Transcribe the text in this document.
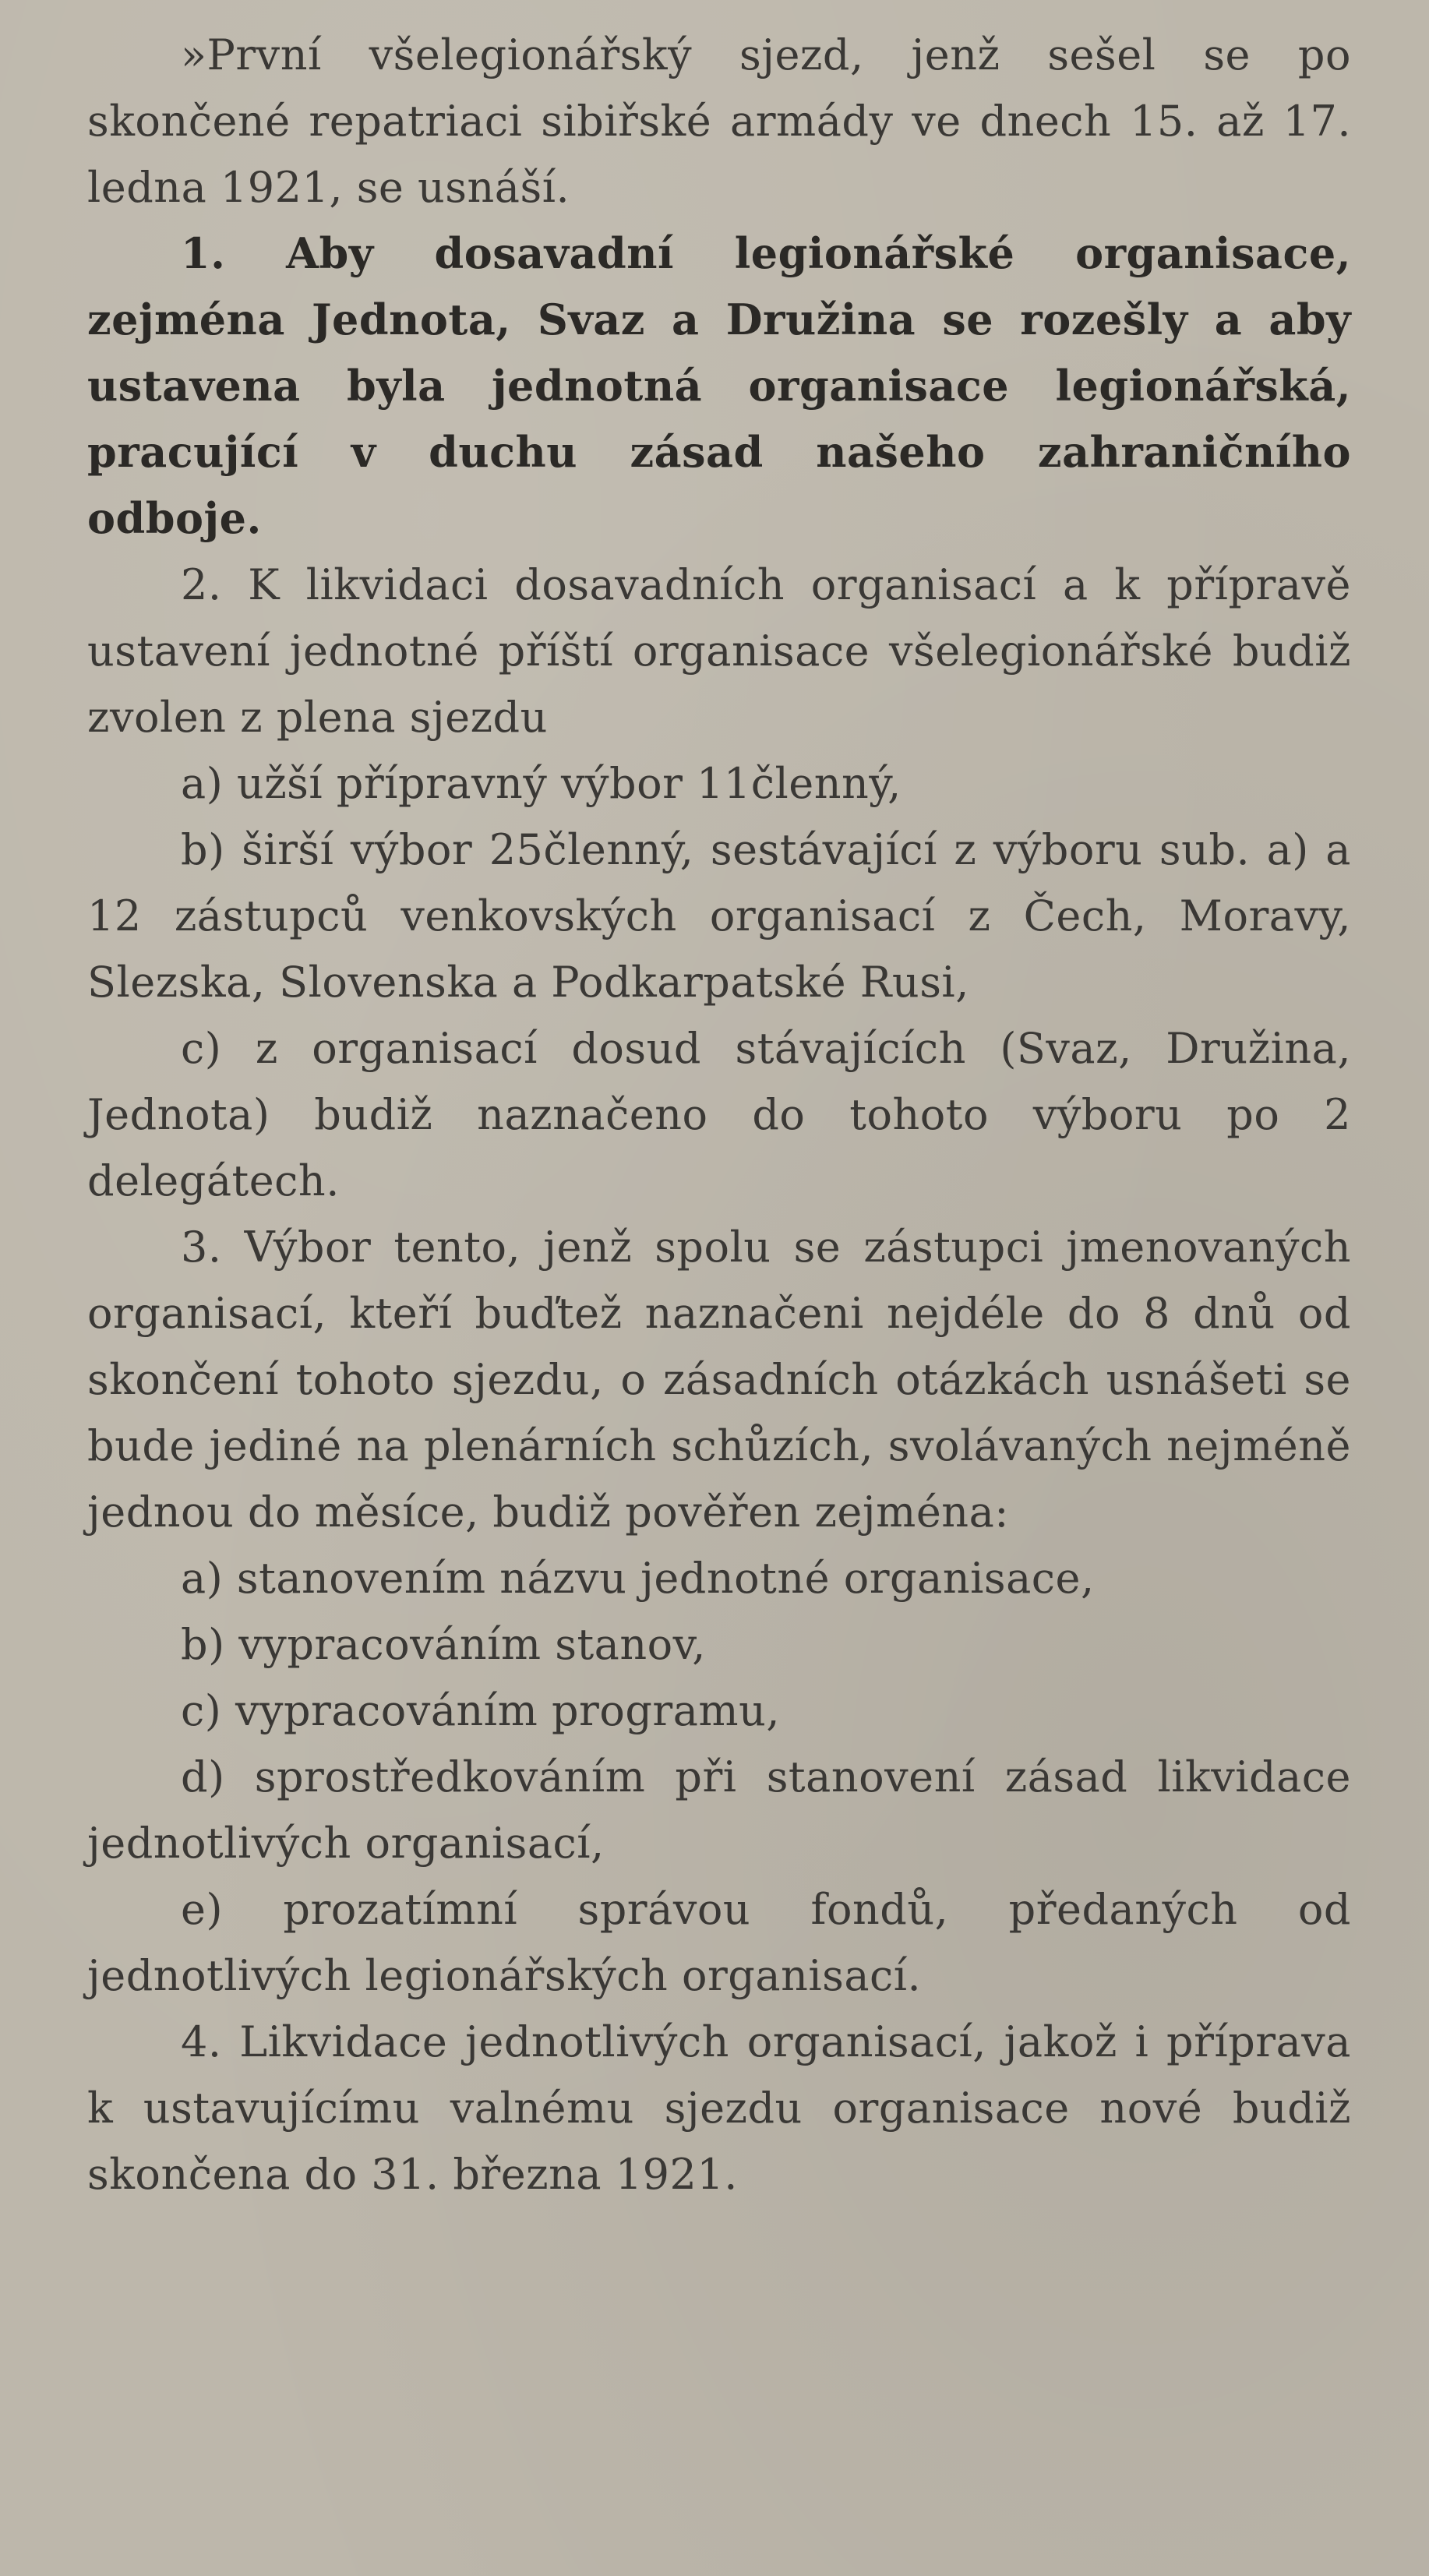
»První všelegionářský sjezd, jenž sešel se po skončené repatriaci sibiřské armády ve dnech 15. až 17. ledna 1921, se usnáší.

1. Aby dosavadní legionářské organisace, zejména Jednota, Svaz a Družina se rozešly a aby ustavena byla jednotná organisace legionářská, pracující v duchu zásad našeho zahraničního odboje.

2. K likvidaci dosavadních organisací a k přípravě ustavení jednotné příští organisace všelegionářské budiž zvolen z plena sjezdu

a) užší přípravný výbor 11členný,

b) širší výbor 25členný, sestávající z výboru sub. a) a 12 zástupců venkovských organisací z Čech, Moravy, Slezska, Slovenska a Podkarpatské Rusi,

c) z organisací dosud stávajících (Svaz, Družina, Jednota) budiž naznačeno do tohoto výboru po 2 delegátech.

3. Výbor tento, jenž spolu se zástupci jmenovaných organisací, kteří buďtež naznačeni nejdéle do 8 dnů od skončení tohoto sjezdu, o zásadních otázkách usnášeti se bude jediné na plenárních schůzích, svolávaných nejméně jednou do měsíce, budiž pověřen zejména:

a) stanovením názvu jednotné organisace,

b) vypracováním stanov,

c) vypracováním programu,

d) sprostředkováním při stanovení zásad likvidace jednotlivých organisací,

e) prozatímní správou fondů, předaných od jednotlivých legionářských organisací.

4. Likvidace jednotlivých organisací, jakož i příprava k ustavujícímu valnému sjezdu organisace nové budiž skončena do 31. března 1921.
